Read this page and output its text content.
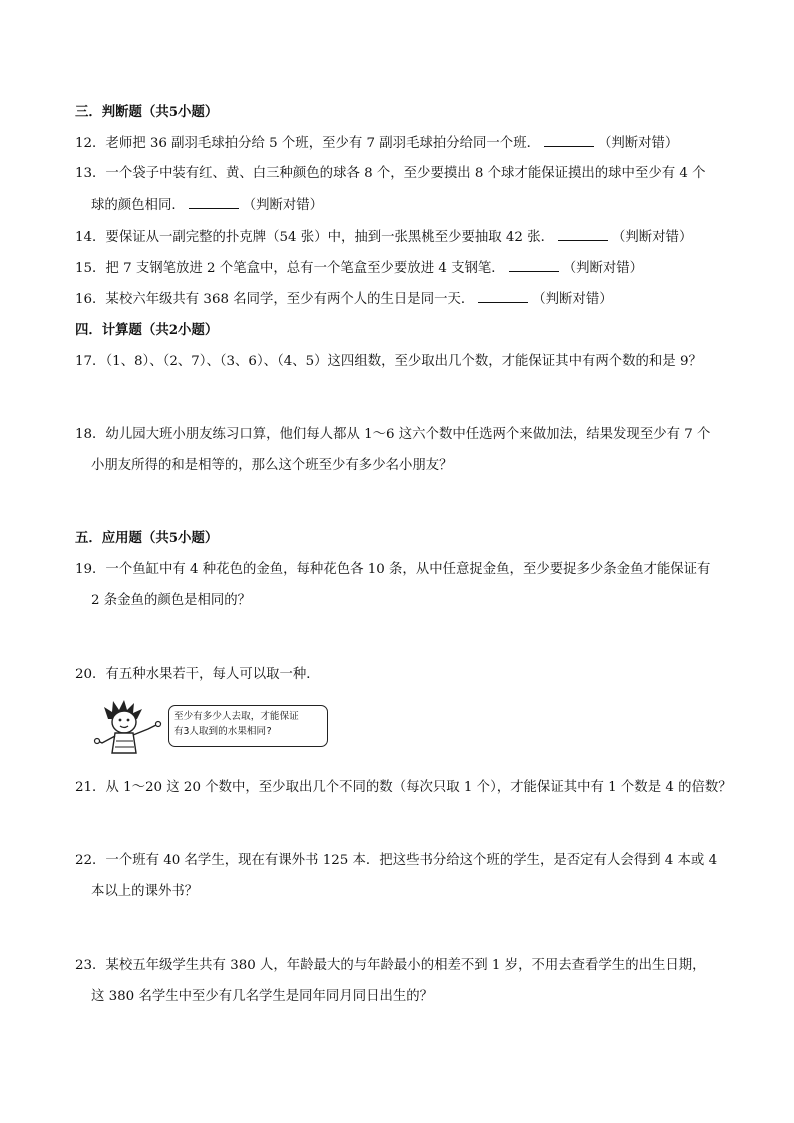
三．判断题（共5小题）
12．老师把 36 副羽毛球拍分给 5 个班，至少有 7 副羽毛球拍分给同一个班．	（判断对错）
13．一个袋子中装有红、黄、白三种颜色的球各 8 个，至少要摸出 8 个球才能保证摸出的球中至少有 4 个
球的颜色相同．	（判断对错）
14．要保证从一副完整的扑克牌（54 张）中，抽到一张黑桃至少要抽取 42 张．	（判断对错）
15．把 7 支钢笔放进 2 个笔盒中，总有一个笔盒至少要放进 4 支钢笔．	（判断对错）
16．某校六年级共有 368 名同学，至少有两个人的生日是同一天．	（判断对错）
四．计算题（共2小题）
17．（1、8）、（2、7）、（3、6）、（4、5）这四组数，至少取出几个数，才能保证其中有两个数的和是 9？
18．幼儿园大班小朋友练习口算，他们每人都从 1～6 这六个数中任选两个来做加法，结果发现至少有 7 个
小朋友所得的和是相等的，那么这个班至少有多少名小朋友？
五．应用题（共5小题）
19．一个鱼缸中有 4 种花色的金鱼，每种花色各 10 条，从中任意捉金鱼，至少要捉多少条金鱼才能保证有
2 条金鱼的颜色是相同的？
20．有五种水果若干，每人可以取一种．
至少有多少人去取，才能保证
有3人取到的水果相同?
21．从 1～20 这 20 个数中，至少取出几个不同的数（每次只取 1 个），才能保证其中有 1 个数是 4 的倍数？
22．一个班有 40 名学生，现在有课外书 125 本．把这些书分给这个班的学生，是否定有人会得到 4 本或 4
本以上的课外书？
23．某校五年级学生共有 380 人，年龄最大的与年龄最小的相差不到 1 岁，不用去查看学生的出生日期，
这 380 名学生中至少有几名学生是同年同月同日出生的？
